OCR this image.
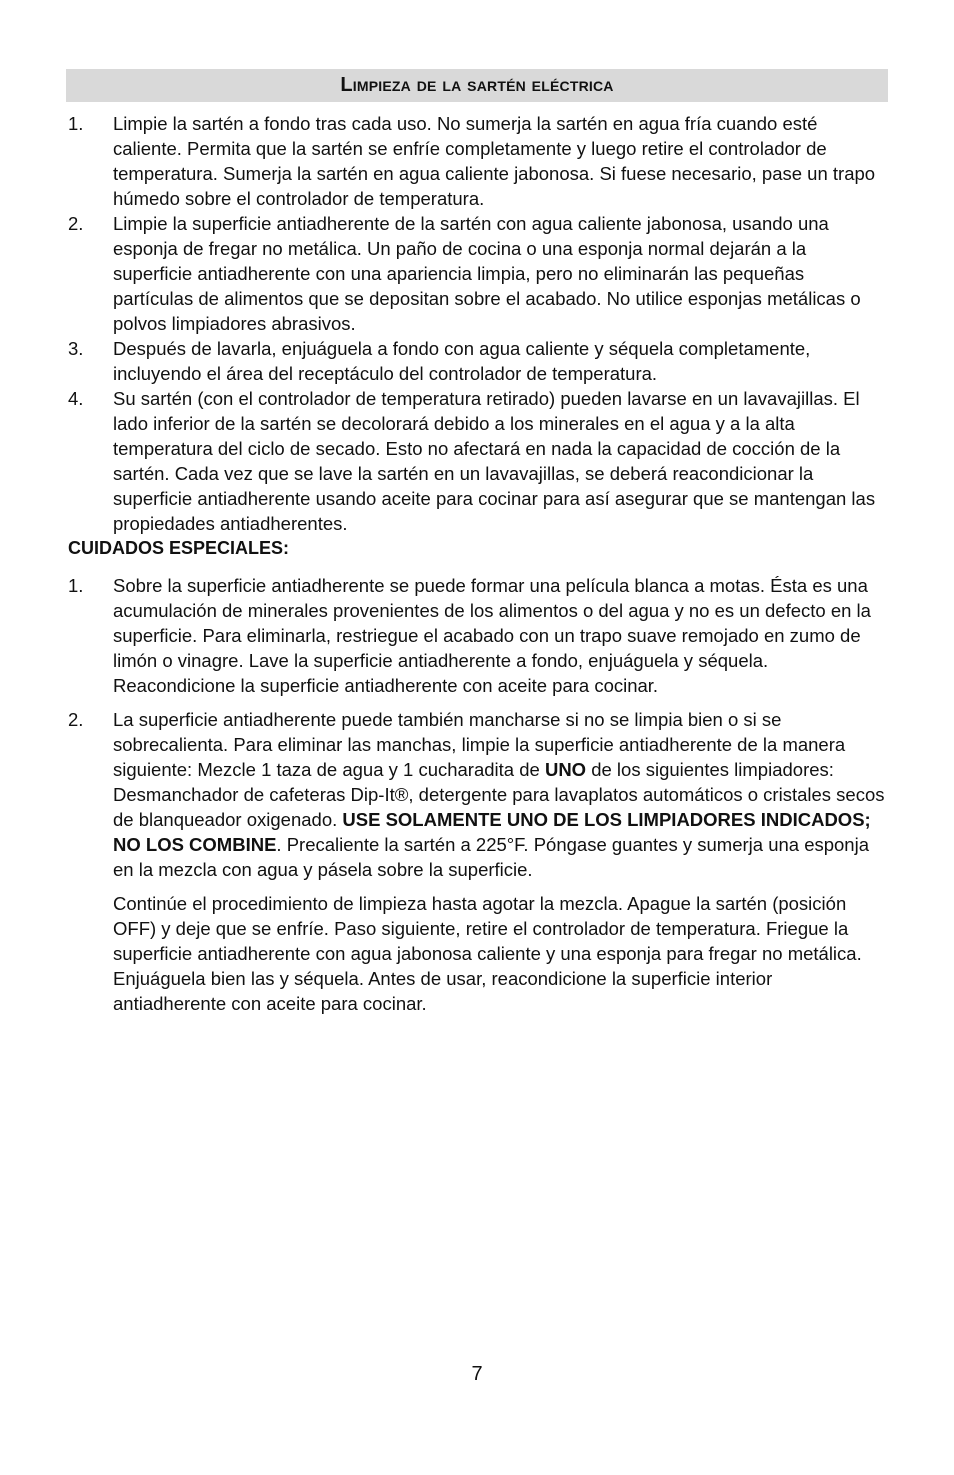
Limpieza de la sartén eléctrica
1.	Limpie la sartén a fondo tras cada uso. No sumerja la sartén en agua fría cuando esté caliente. Permita que la sartén se enfríe completamente y luego retire el controlador de temperatura. Sumerja la sartén en agua caliente jabonosa. Si fuese necesario, pase un trapo húmedo sobre el controlador de temperatura.
2.	Limpie la superficie antiadherente de la sartén con agua caliente jabonosa, usando una esponja de fregar no metálica. Un paño de cocina o una esponja normal dejarán a la superficie antiadherente con una apariencia limpia, pero no eliminarán las pequeñas partículas de alimentos que se depositan sobre el acabado. No utilice esponjas metálicas o polvos limpiadores abrasivos.
3.	Después de lavarla, enjuáguela a fondo con agua caliente y séquela completamente, incluyendo el área del receptáculo del controlador de temperatura.
4.	Su sartén (con el controlador de temperatura retirado) pueden lavarse en un lavavajillas. El lado inferior de la sartén se decolorará debido a los minerales en el agua y a la alta temperatura del ciclo de secado. Esto no afectará en nada la capacidad de cocción de la sartén. Cada vez que se lave la sartén en un lavavajillas, se deberá reacondicionar la superficie antiadherente usando aceite para cocinar para así asegurar que se mantengan las propiedades antiadherentes.
CUIDADOS ESPECIALES:
1.	Sobre la superficie antiadherente se puede formar una película blanca a motas. Ésta es una acumulación de minerales provenientes de los alimentos o del agua y no es un defecto en la superficie. Para eliminarla, restriegue el acabado con un trapo suave remojado en zumo de limón o vinagre. Lave la superficie antiadherente a fondo, enjuáguela y séquela. Reacondicione la superficie antiadherente con aceite para cocinar.
2.	La superficie antiadherente puede también mancharse si no se limpia bien o si se sobrecalienta. Para eliminar las manchas, limpie la superficie antiadherente de la manera siguiente: Mezcle 1 taza de agua y 1 cucharadita de UNO de los siguientes limpiadores: Desmanchador de cafeteras Dip-It®, detergente para lavaplatos automáticos o cristales secos de blanqueador oxigenado. USE SOLAMENTE UNO DE LOS LIMPIADORES INDICADOS; NO LOS COMBINE. Precaliente la sartén a 225°F. Póngase guantes y sumerja una esponja en la mezcla con agua y pásela sobre la superficie.
Continúe el procedimiento de limpieza hasta agotar la mezcla. Apague la sartén (posición OFF) y deje que se enfríe. Paso siguiente, retire el controlador de temperatura. Friegue la superficie antiadherente con agua jabonosa caliente y una esponja para fregar no metálica. Enjuáguela bien las y séquela. Antes de usar, reacondicione la superficie interior antiadherente con aceite para cocinar.
7
